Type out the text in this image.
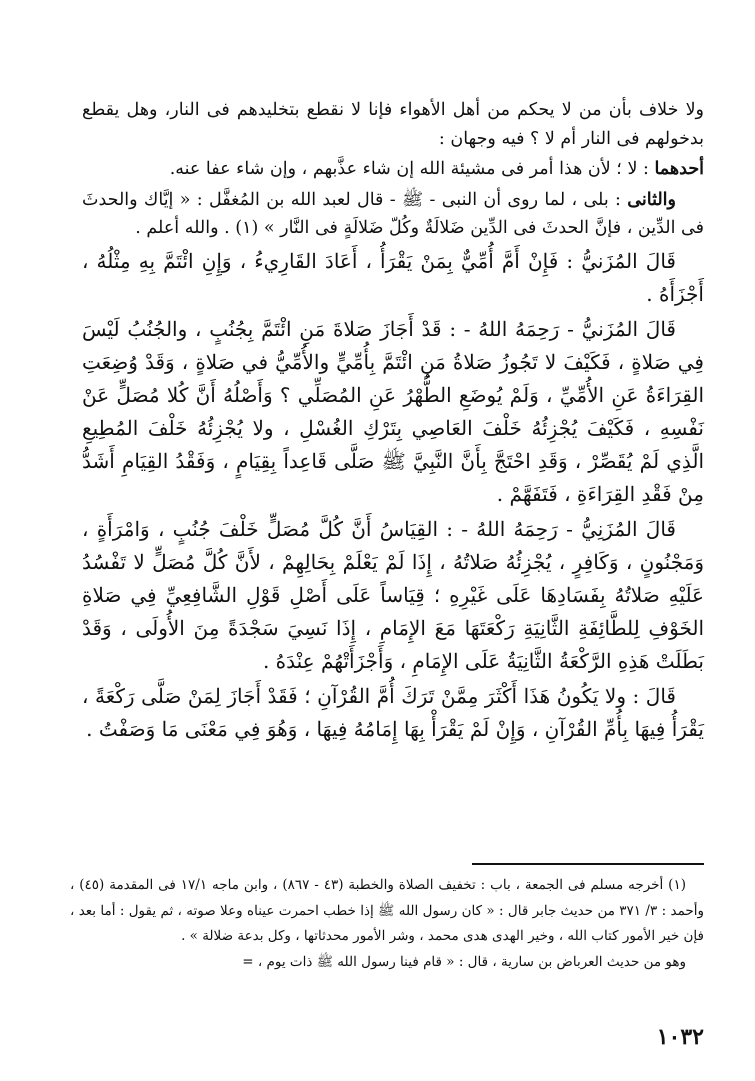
ولا خلاف بأن من لا يحكم من أهل الأهواء فإنا لا نقطع بتخليدهم فى النار، وهل يقطع بدخولهم فى النار أم لا ؟ فيه وجهان :

أحدهما : لا ؛ لأن هذا أمر فى مشيئة الله إن شاء عذَّبهم ، وإن شاء عفا عنه.

والثانى : بلى ، لما روى أن النبى - ﷺ - قال لعبد الله بن المُغفَّل : « إيَّاك والحدثَ فى الدِّين ، فإنَّ الحدثَ فى الدِّين ضَلالَةٌ وكُلّ ضَلالَةٍ فى النَّار » (١) . والله أعلم .

قَالَ المُزَنيُّ : فَإِنْ أَمَّ أُمِّيٌّ بِمَنْ يَقْرَأُ ، أَعَادَ القَارِيءُ ، وَإِنِ ائْتَمَّ بِهِ مِثْلُهُ ، أَجْزَأَهُ .

قَالَ المُزَنيُّ - رَحِمَهُ اللهُ - : قَدْ أَجَازَ صَلاةَ مَنِ ائْتَمَّ بِجُنُبٍ ، والجُنُبُ لَيْسَ فِي صَلاةٍ ، فَكَيْفَ لا تَجُوزُ صَلاةُ مَنِ ائْتَمَّ بِأُمِّيٍّ والأُمِّيُّ في صَلاةٍ ، وَقَدْ وُضِعَتِ القِرَاءَةُ عَنِ الأُمِّيِّ ، وَلَمْ يُوضَعِ الطُّهْرُ عَنِ المُصَلِّي ؟ وَأَصْلُهُ أَنَّ كُلا مُصَلٍّ عَنْ نَفْسِهِ ، فَكَيْفَ يُجْزِئُهُ خَلْفَ العَاصِي بِتَرْكِ الغُسْلِ ، ولا يُجْزِئُهُ خَلْفَ المُطِيعِ الَّذِي لَمْ يُقَصِّرْ ، وَقَدِ احْتَجَّ بِأَنَّ النَّبِيَّ ﷺ صَلَّى قَاعِداً بِقِيَامٍ ، وَفَقْدُ القِيَامِ أَشَدُّ مِنْ فَقْدِ القِرَاءَةِ ، فَتَفَهَّمْ .

قَالَ المُزَنِيُّ - رَحِمَهُ اللهُ - : القِيَاسُ أَنَّ كُلَّ مُصَلٍّ خَلْفَ جُنُبٍ ، وَامْرَأَةٍ ، وَمَجْنُونٍ ، وَكَافِرٍ ، يُجْزِئُهُ صَلاتُهُ ، إِذَا لَمْ يَعْلَمْ بِحَالِهِمْ ، لأَنَّ كُلَّ مُصَلٍّ لا تَفْسُدُ عَلَيْهِ صَلاتُهُ بِفَسَادِهَا عَلَى غَيْرِهِ ؛ قِيَاساً عَلَى أَصْلِ قَوْلِ الشَّافِعِيِّ فِي صَلاةِ الخَوْفِ لِلطَّائِفَةِ الثَّانِيَةِ رَكْعَتَهَا مَعَ الإِمَامِ ، إِذَا نَسِيَ سَجْدَةً مِنَ الأُولَى ، وَقَدْ بَطَلَتْ هَذِهِ الرَّكْعَةُ الثَّانِيَةُ عَلَى الإِمَامِ ، وَأَجْزَأَتْهُمْ عِنْدَهُ .

قَالَ : ولا يَكُونُ هَذَا أَكْثَرَ مِمَّنْ تَرَكَ أُمَّ القُرْآنِ ؛ فَقَدْ أَجَازَ لِمَنْ صَلَّى رَكْعَةً ، يَقْرَأُ فِيهَا بِأُمِّ القُرْآنِ ، وَإِنْ لَمْ يَقْرَأْ بِهَا إِمَامُهُ فِيهَا ، وَهُوَ فِي مَعْنَى مَا وَصَفْتُ .

(١) أخرجه مسلم فى الجمعة ، باب : تخفيف الصلاة والخطبة (٤٣ - ٨٦٧) ، وابن ماجه ١٧/١ فى المقدمة (٤٥) ، وأحمد : ٣/ ٣٧١ من حديث جابر قال : « كان رسول الله ﷺ إذا خطب احمرت عيناه وعلا صوته ، ثم يقول : أما بعد ، فإن خير الأمور كتاب الله ، وخير الهدى هدى محمد ، وشر الأمور محدثاتها ، وكل بدعة ضلالة » .

وهو من حديث العرباض بن سارية ، قال : « قام فينا رسول الله ﷺ ذات يوم ، =

١٠٣٢
